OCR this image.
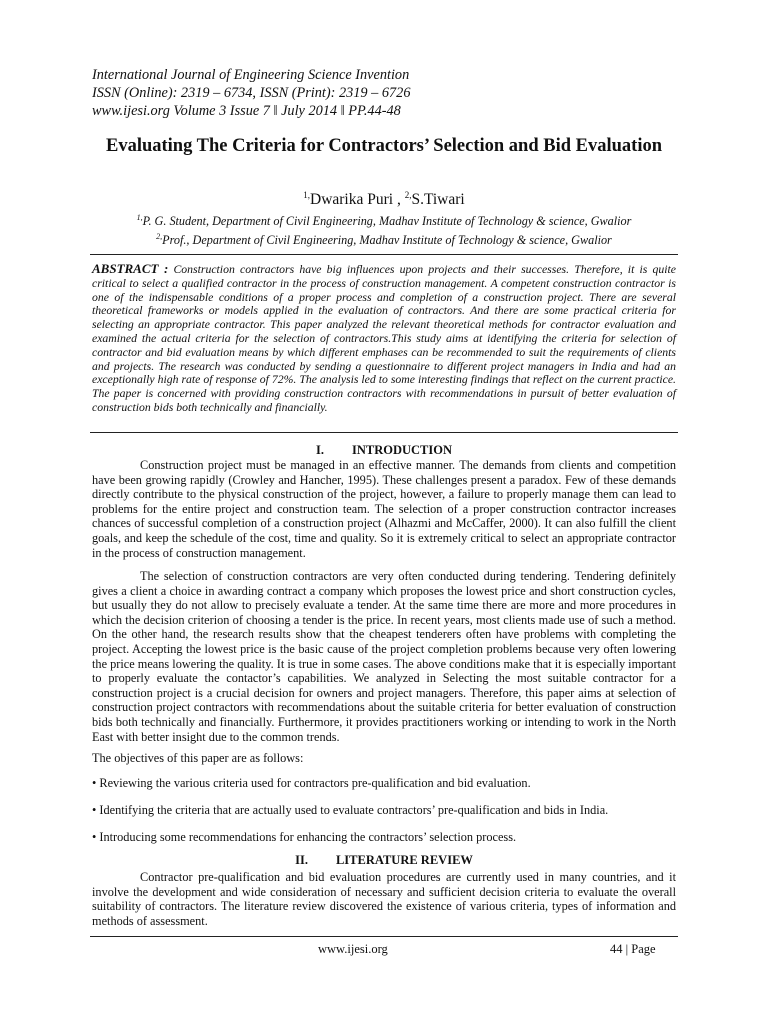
International Journal of Engineering Science Invention
ISSN (Online): 2319 – 6734, ISSN (Print): 2319 – 6726
www.ijesi.org Volume 3 Issue 7 ǁ July 2014 ǁ PP.44-48
Evaluating The Criteria for Contractors’ Selection and Bid Evaluation
$^{1,}$Dwarika Puri , $^{2,}$S.Tiwari
$^{1,}$P. G. Student, Department of Civil Engineering, Madhav Institute of Technology & science, Gwalior
$^{2,}$Prof., Department of Civil Engineering, Madhav Institute of Technology & science, Gwalior
ABSTRACT : Construction contractors have big influences upon projects and their successes. Therefore, it is quite critical to select a qualified contractor in the process of construction management. A competent construction contractor is one of the indispensable conditions of a proper process and completion of a construction project. There are several theoretical frameworks or models applied in the evaluation of contractors. And there are some practical criteria for selecting an appropriate contractor. This paper analyzed the relevant theoretical methods for contractor evaluation and examined the actual criteria for the selection of contractors.This study aims at identifying the criteria for selection of contractor and bid evaluation means by which different emphases can be recommended to suit the requirements of clients and projects. The research was conducted by sending a questionnaire to different project managers in India and had an exceptionally high rate of response of 72%. The analysis led to some interesting findings that reflect on the current practice. The paper is concerned with providing construction contractors with recommendations in pursuit of better evaluation of construction bids both technically and financially.
I. INTRODUCTION
Construction project must be managed in an effective manner. The demands from clients and competition have been growing rapidly (Crowley and Hancher, 1995). These challenges present a paradox. Few of these demands directly contribute to the physical construction of the project, however, a failure to properly manage them can lead to problems for the entire project and construction team. The selection of a proper construction contractor increases chances of successful completion of a construction project (Alhazmi and McCaffer, 2000). It can also fulfill the client goals, and keep the schedule of the cost, time and quality. So it is extremely critical to select an appropriate contractor in the process of construction management.
The selection of construction contractors are very often conducted during tendering. Tendering definitely gives a client a choice in awarding contract a company which proposes the lowest price and short construction cycles, but usually they do not allow to precisely evaluate a tender. At the same time there are more and more procedures in which the decision criterion of choosing a tender is the price. In recent years, most clients made use of such a method. On the other hand, the research results show that the cheapest tenderers often have problems with completing the project. Accepting the lowest price is the basic cause of the project completion problems because very often lowering the price means lowering the quality. It is true in some cases. The above conditions make that it is especially important to properly evaluate the contactor’s capabilities. We analyzed in Selecting the most suitable contractor for a construction project is a crucial decision for owners and project managers. Therefore, this paper aims at selection of construction project contractors with recommendations about the suitable criteria for better evaluation of construction bids both technically and financially. Furthermore, it provides practitioners working or intending to work in the North East with better insight due to the common trends.
The objectives of this paper are as follows:
• Reviewing the various criteria used for contractors pre-qualification and bid evaluation.
• Identifying the criteria that are actually used to evaluate contractors’ pre-qualification and bids in India.
• Introducing some recommendations for enhancing the contractors’ selection process.
II. LITERATURE REVIEW
Contractor pre-qualification and bid evaluation procedures are currently used in many countries, and it involve the development and wide consideration of necessary and sufficient decision criteria to evaluate the overall suitability of contractors. The literature review discovered the existence of various criteria, types of information and methods of assessment.
www.ijesi.org	44 | Page
